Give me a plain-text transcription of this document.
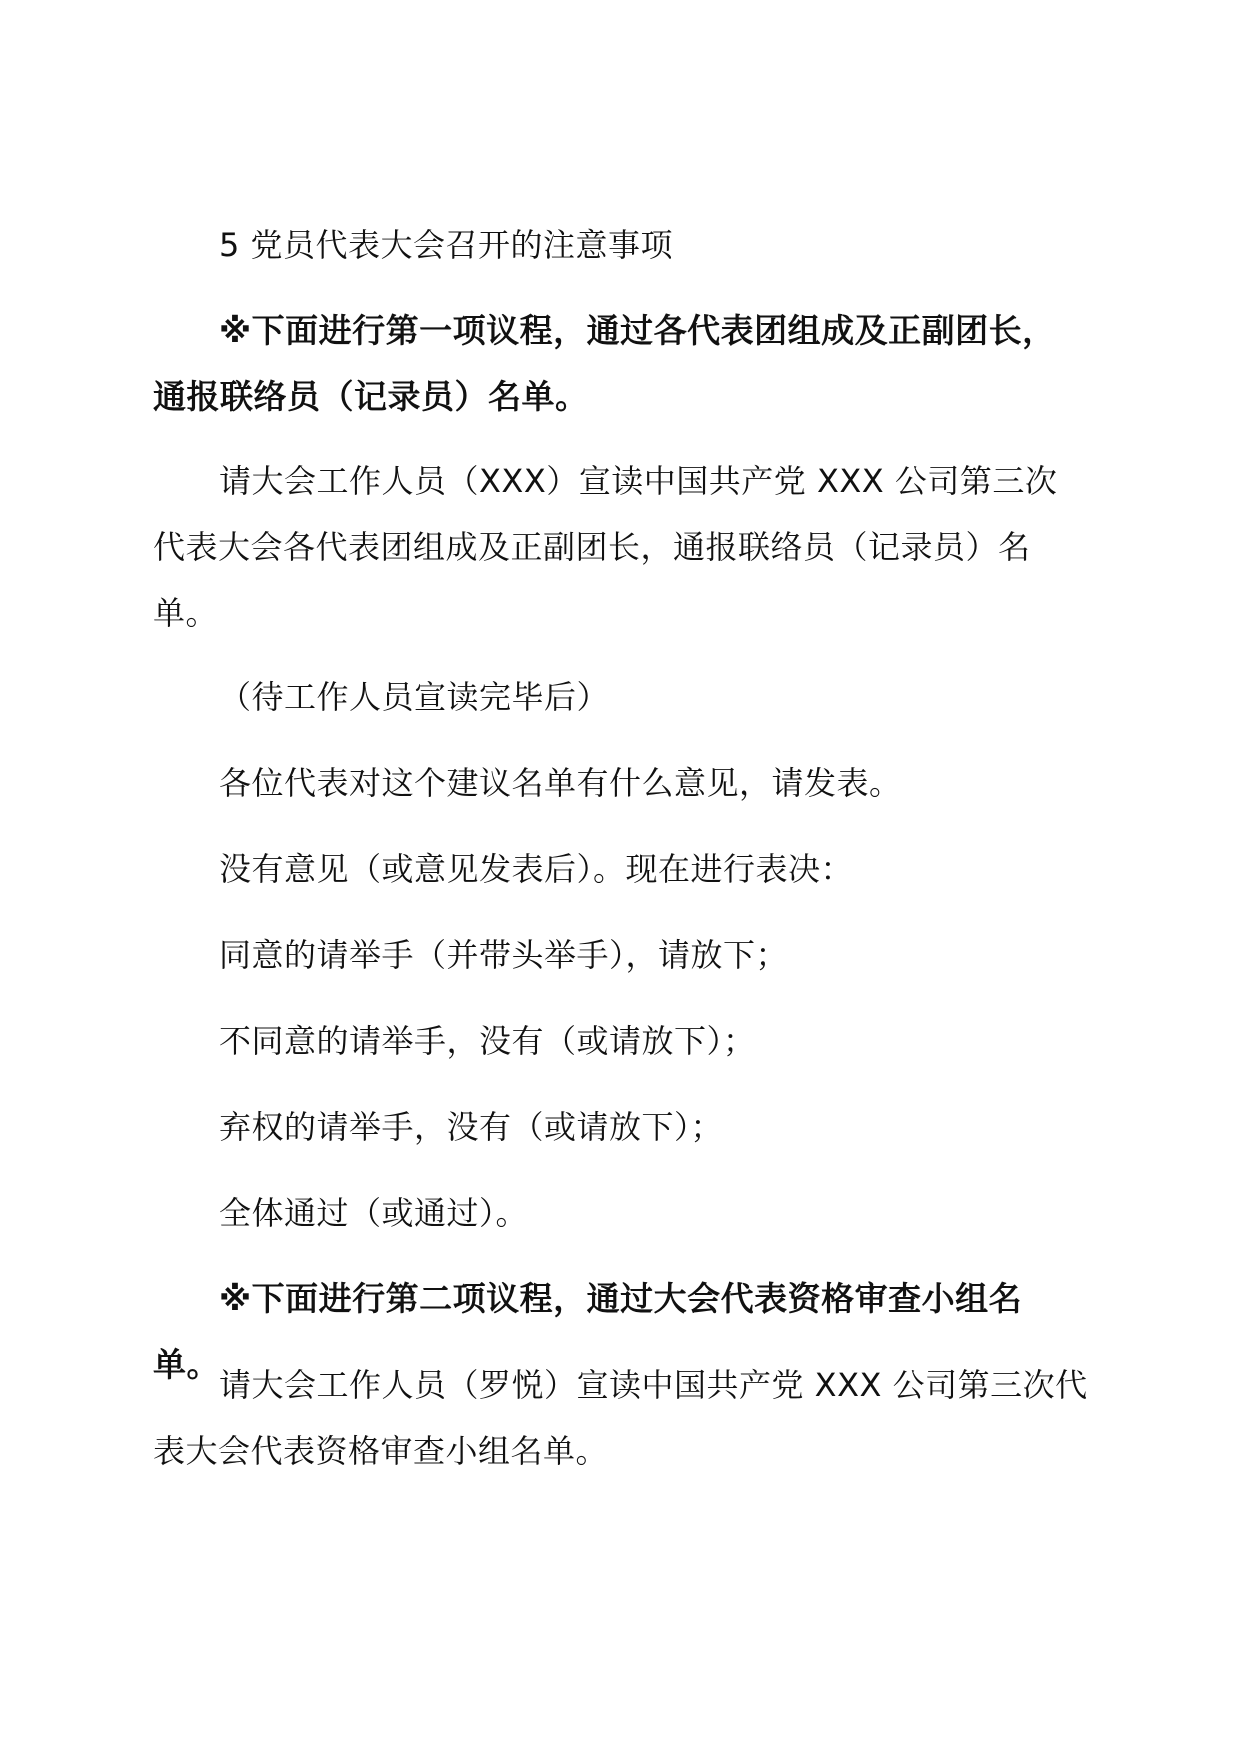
5 党员代表大会召开的注意事项

※下面进行第一项议程，通过各代表团组成及正副团长，通报联络员（记录员）名单。

请大会工作人员（XXX）宣读中国共产党 XXX 公司第三次代表大会各代表团组成及正副团长，通报联络员（记录员）名单。

（待工作人员宣读完毕后）

各位代表对这个建议名单有什么意见，请发表。

没有意见（或意见发表后）。现在进行表决：

同意的请举手（并带头举手），请放下；

不同意的请举手，没有（或请放下）；

弃权的请举手，没有（或请放下）；

全体通过（或通过）。

※下面进行第二项议程，通过大会代表资格审查小组名单。

请大会工作人员（罗悦）宣读中国共产党 XXX 公司第三次代表大会代表资格审查小组名单。
